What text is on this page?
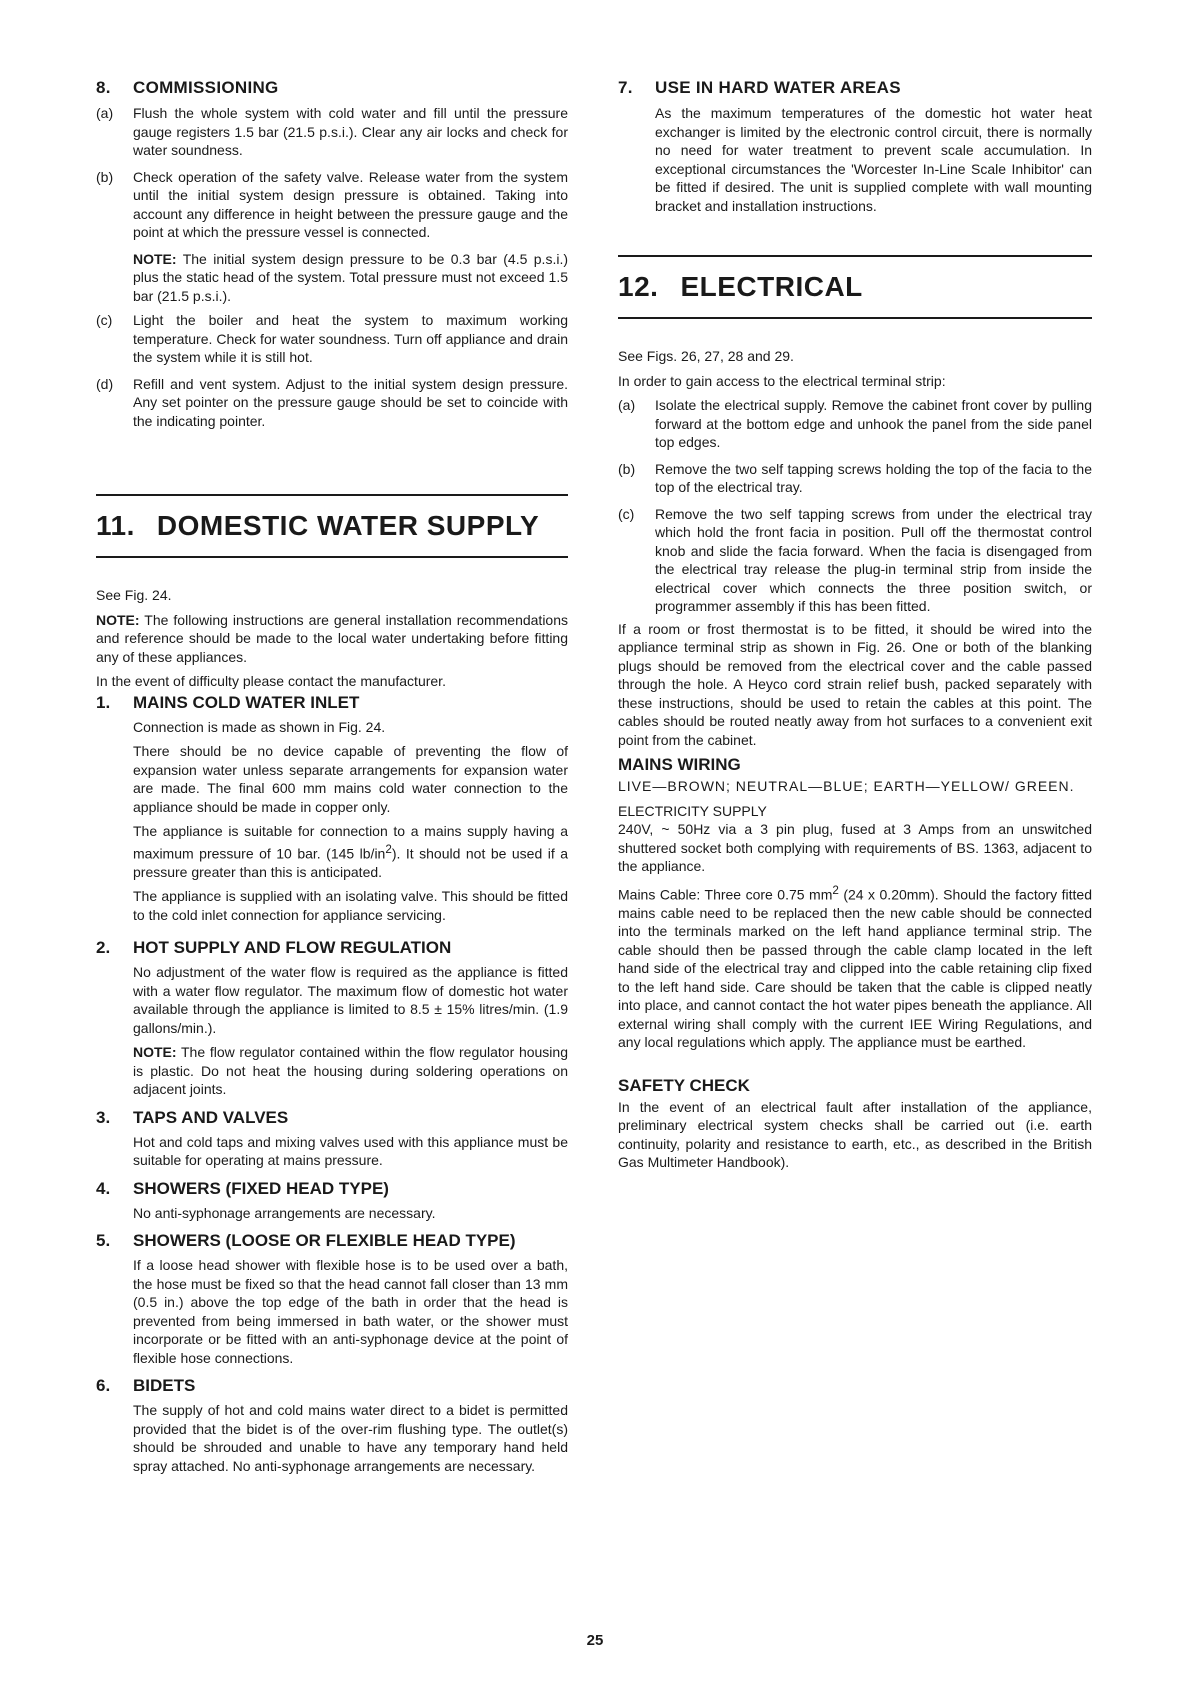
8.	COMMISSIONING
(a)	Flush the whole system with cold water and fill until the pressure gauge registers 1.5 bar (21.5 p.s.i.). Clear any air locks and check for water soundness.
(b)	Check operation of the safety valve. Release water from the system until the initial system design pressure is obtained. Taking into account any difference in height between the pressure gauge and the point at which the pressure vessel is connected.

NOTE: The initial system design pressure to be 0.3 bar (4.5 p.s.i.) plus the static head of the system. Total pressure must not exceed 1.5 bar (21.5 p.s.i.).

(c)	Light the boiler and heat the system to maximum working temperature. Check for water soundness. Turn off appliance and drain the system while it is still hot.
(d)	Refill and vent system. Adjust to the initial system design pressure. Any set pointer on the pressure gauge should be set to coincide with the indicating pointer.
11. DOMESTIC WATER SUPPLY

See Fig. 24.

NOTE: The following instructions are general installation recommendations and reference should be made to the local water undertaking before fitting any of these appliances.

In the event of difficulty please contact the manufacturer.

1.	MAINS COLD WATER INLET

Connection is made as shown in Fig. 24.

There should be no device capable of preventing the flow of expansion water unless separate arrangements for expansion water are made. The final 600 mm mains cold water connection to the appliance should be made in copper only.

The appliance is suitable for connection to a mains supply having a maximum pressure of 10 bar. (145 $lb/in^2$). It should not be used if a pressure greater than this is anticipated.

The appliance is supplied with an isolating valve. This should be fitted to the cold inlet connection for appliance servicing.

2.	HOT SUPPLY AND FLOW REGULATION

No adjustment of the water flow is required as the appliance is fitted with a water flow regulator. The maximum flow of domestic hot water available through the appliance is limited to 8.5 ± 15% litres/min. (1.9 gallons/min.).

NOTE: The flow regulator contained within the flow regulator housing is plastic. Do not heat the housing during soldering operations on adjacent joints.

3.	TAPS AND VALVES

Hot and cold taps and mixing valves used with this appliance must be suitable for operating at mains pressure.

4.	SHOWERS (FIXED HEAD TYPE)

No anti-syphonage arrangements are necessary.

5.	SHOWERS (LOOSE OR FLEXIBLE HEAD TYPE)

If a loose head shower with flexible hose is to be used over a bath, the hose must be fixed so that the head cannot fall closer than 13 mm (0.5 in.) above the top edge of the bath in order that the head is prevented from being immersed in bath water, or the shower must incorporate or be fitted with an anti-syphonage device at the point of flexible hose connections.

6.	BIDETS

The supply of hot and cold mains water direct to a bidet is permitted provided that the bidet is of the over-rim flushing type. The outlet(s) should be shrouded and unable to have any temporary hand held spray attached. No anti-syphonage arrangements are necessary.

7.	USE IN HARD WATER AREAS

As the maximum temperatures of the domestic hot water heat exchanger is limited by the electronic control circuit, there is normally no need for water treatment to prevent scale accumulation. In exceptional circumstances the 'Worcester In-Line Scale Inhibitor' can be fitted if desired. The unit is supplied complete with wall mounting bracket and installation instructions.

12. ELECTRICAL

See Figs. 26, 27, 28 and 29.

In order to gain access to the electrical terminal strip:

(a)	Isolate the electrical supply. Remove the cabinet front cover by pulling forward at the bottom edge and unhook the panel from the side panel top edges.
(b)	Remove the two self tapping screws holding the top of the facia to the top of the electrical tray.
(c)	Remove the two self tapping screws from under the electrical tray which hold the front facia in position. Pull off the thermostat control knob and slide the facia forward. When the facia is disengaged from the electrical tray release the plug-in terminal strip from inside the electrical cover which connects the three position switch, or programmer assembly if this has been fitted.

If a room or frost thermostat is to be fitted, it should be wired into the appliance terminal strip as shown in Fig. 26. One or both of the blanking plugs should be removed from the electrical cover and the cable passed through the hole. A Heyco cord strain relief bush, packed separately with these instructions, should be used to retain the cables at this point. The cables should be routed neatly away from hot surfaces to a convenient exit point from the cabinet.

MAINS WIRING

LIVE—BROWN; NEUTRAL—BLUE; EARTH—YELLOW/ GREEN.

ELECTRICITY SUPPLY

240V, ~ 50Hz via a 3 pin plug, fused at 3 Amps from an unswitched shuttered socket both complying with requirements of BS. 1363, adjacent to the appliance.

Mains Cable: Three core 0.75 $mm^2$ (24 x 0.20mm). Should the factory fitted mains cable need to be replaced then the new cable should be connected into the terminals marked on the left hand appliance terminal strip. The cable should then be passed through the cable clamp located in the left hand side of the electrical tray and clipped into the cable retaining clip fixed to the left hand side. Care should be taken that the cable is clipped neatly into place, and cannot contact the hot water pipes beneath the appliance. All external wiring shall comply with the current IEE Wiring Regulations, and any local regulations which apply. The appliance must be earthed.

SAFETY CHECK

In the event of an electrical fault after installation of the appliance, preliminary electrical system checks shall be carried out (i.e. earth continuity, polarity and resistance to earth, etc., as described in the British Gas Multimeter Handbook).

25
